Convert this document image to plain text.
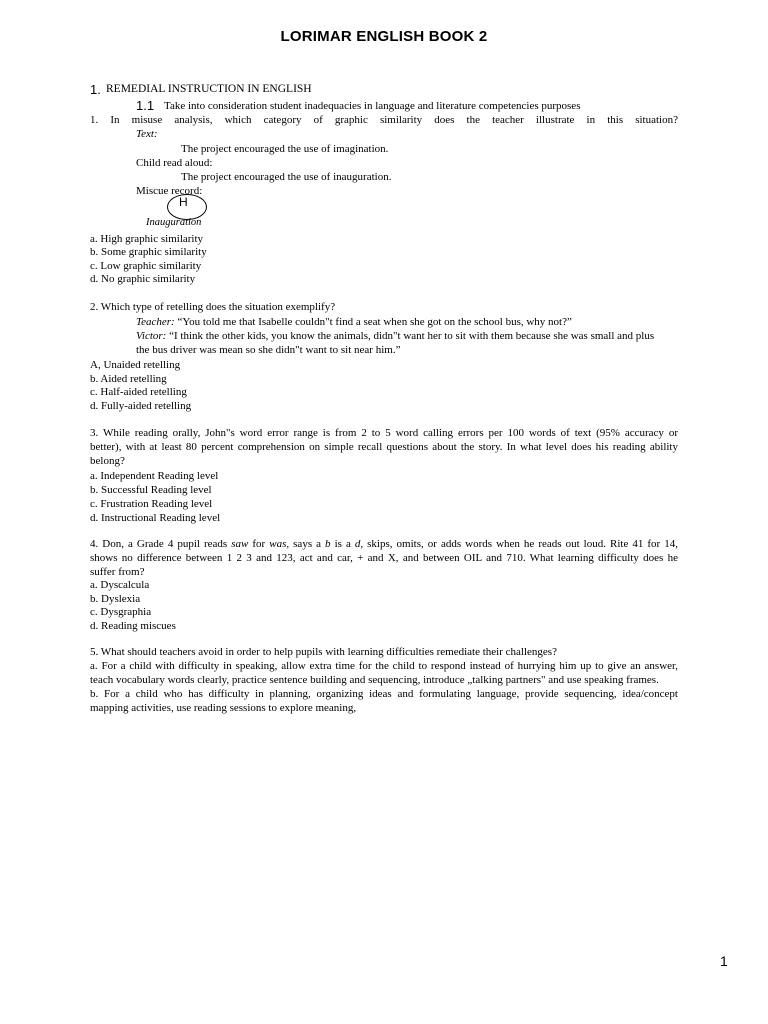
LORIMAR ENGLISH BOOK 2
1. REMEDIAL INSTRUCTION IN ENGLISH
1.1 Take into consideration student inadequacies in language and literature competencies purposes
1. In misuse analysis, which category of graphic similarity does the teacher illustrate in this situation?
Text:
The project encouraged the use of imagination.
Child read aloud:
The project encouraged the use of inauguration.
Miscue record:
H
Inauguration
a. High graphic similarity
b. Some graphic similarity
c. Low graphic similarity
d. No graphic similarity
2. Which type of retelling does the situation exemplify?
Teacher: “You told me that Isabelle couldn"t find a seat when she got on the school bus, why not?”
Victor: “I think the other kids, you know the animals, didn"t want her to sit with them because she was small and plus
the bus driver was mean so she didn"t want to sit near him.”
A, Unaided retelling
b. Aided retelling
c. Half-aided retelling
d. Fully-aided retelling
3. While reading orally, John"s word error range is from 2 to 5 word calling errors per 100 words of text (95% accuracy or
better), with at least 80 percent comprehension on simple recall questions about the story. In what level does his reading ability
belong?
a. Independent Reading level
b. Successful Reading level
c. Frustration Reading level
d. Instructional Reading level
4. Don, a Grade 4 pupil reads saw for was, says a b is a d, skips, omits, or adds words when he reads out loud. Rite 41 for 14,
shows no difference between 1 2 3 and 123, act and car, + and X, and between OIL and 710. What learning difficulty does he
suffer from?
a. Dyscalcula
b. Dyslexia
c. Dysgraphia
d. Reading miscues
5. What should teachers avoid in order to help pupils with learning difficulties remediate their challenges?
a. For a child with difficulty in speaking, allow extra time for the child to respond instead of hurrying him up to give an answer,
teach vocabulary words clearly, practice sentence building and sequencing, introduce „talking partners" and use speaking frames.
b. For a child who has difficulty in planning, organizing ideas and formulating language, provide sequencing, idea/concept
mapping activities, use reading sessions to explore meaning,
1
